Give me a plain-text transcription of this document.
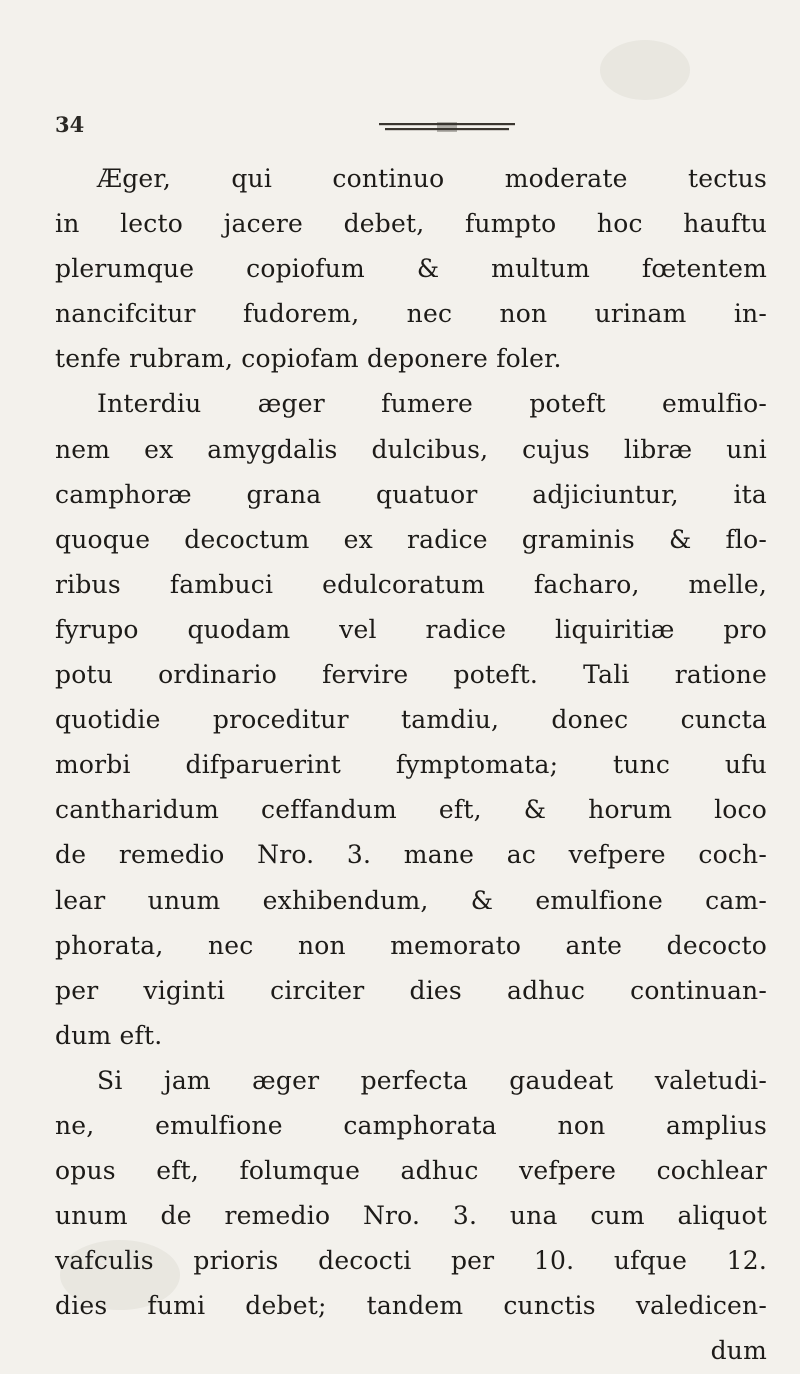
34
Æger, qui continuo moderate tectus
in lecto jacere debet, fumpto hoc hauftu
plerumque copiofum & multum fœtentem
nancifcitur fudorem, nec non urinam in-
tenfe rubram, copiofam deponere foler.
Interdiu æger fumere poteft emulfio-
nem ex amygdalis dulcibus, cujus libræ uni
camphoræ grana quatuor adjiciuntur, ita
quoque decoctum ex radice graminis & flo-
ribus fambuci edulcoratum facharo, melle,
fyrupo quodam vel radice liquiritiæ pro
potu ordinario fervire poteft. Tali ratione
quotidie proceditur tamdiu, donec cuncta
morbi difparuerint fymptomata; tunc ufu
cantharidum ceffandum eft, & horum loco
de remedio Nro. 3. mane ac vefpere coch-
lear unum exhibendum, & emulfione cam-
phorata, nec non memorato ante decocto
per viginti circiter dies adhuc continuan-
dum eft.
Si jam æger perfecta gaudeat valetudi-
ne, emulfione camphorata non amplius
opus eft, folumque adhuc vefpere cochlear
unum de remedio Nro. 3. una cum aliquot
vafculis prioris decocti per 10. ufque 12.
dies fumi debet; tandem cunctis valedicen-
dum
